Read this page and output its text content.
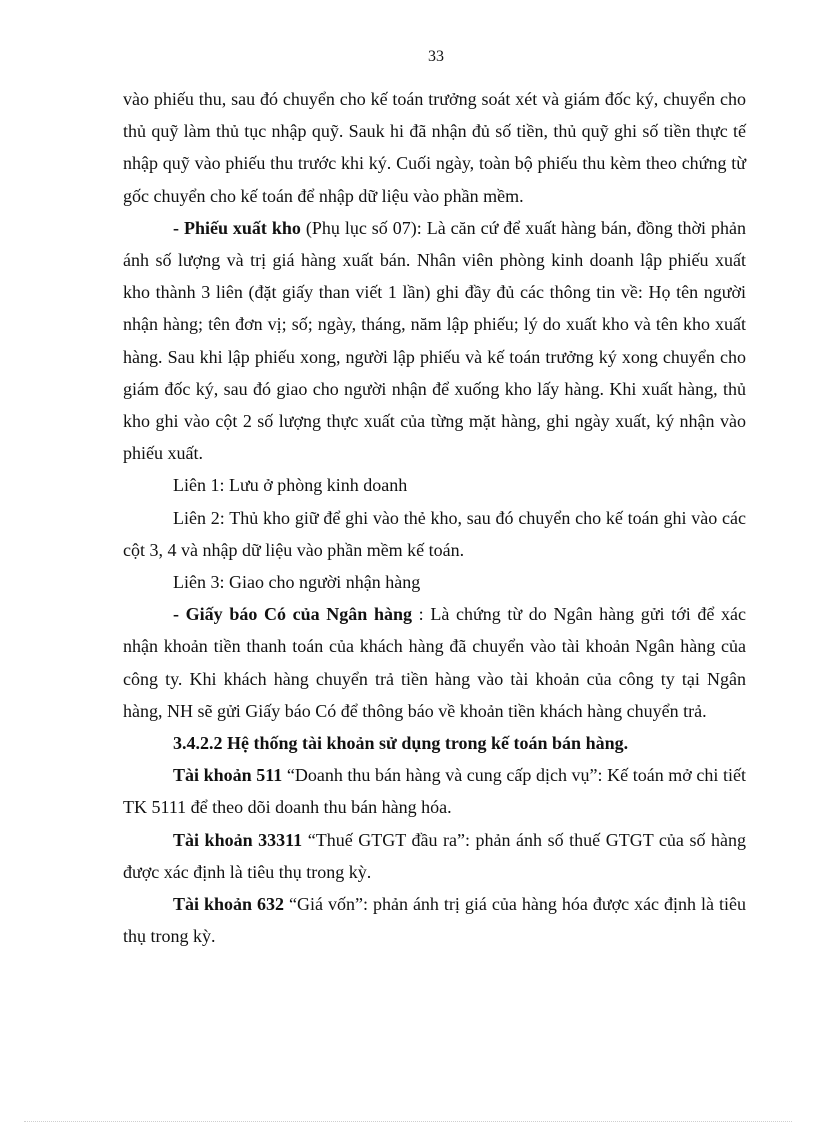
33

vào phiếu thu, sau đó chuyển cho kế toán trưởng soát xét và giám đốc ký, chuyển cho thủ quỹ làm thủ tục nhập quỹ. Sauk hi đã nhận đủ số tiền, thủ quỹ ghi số tiền thực tế nhập quỹ vào phiếu thu trước khi ký. Cuối ngày, toàn bộ phiếu thu kèm theo chứng từ gốc chuyển cho kế toán để nhập dữ liệu vào phần mềm.

- Phiếu xuất kho (Phụ lục số 07): Là căn cứ để xuất hàng bán, đồng thời phản ánh số lượng và trị giá hàng xuất bán. Nhân viên phòng kinh doanh lập phiếu xuất kho thành 3 liên (đặt giấy than viết 1 lần) ghi đầy đủ các thông tin về: Họ tên người nhận hàng; tên đơn vị; số; ngày, tháng, năm lập phiếu; lý do xuất kho và tên kho xuất hàng. Sau khi lập phiếu xong, người lập phiếu và kế toán trưởng ký xong chuyển cho giám đốc ký, sau đó giao cho người nhận để xuống kho lấy hàng. Khi xuất hàng, thủ kho ghi vào cột 2 số lượng thực xuất của từng mặt hàng, ghi ngày xuất, ký nhận vào phiếu xuất.

Liên 1: Lưu ở phòng kinh doanh

Liên 2: Thủ kho giữ để ghi vào thẻ kho, sau đó chuyển cho kế toán ghi vào các cột 3, 4 và nhập dữ liệu vào phần mềm kế toán.

Liên 3: Giao cho người nhận hàng

- Giấy báo Có của Ngân hàng : Là chứng từ do Ngân hàng gửi tới để xác nhận khoản tiền thanh toán của khách hàng đã chuyển vào tài khoản Ngân hàng của công ty. Khi khách hàng chuyển trả tiền hàng vào tài khoản của công ty tại Ngân hàng, NH sẽ gửi Giấy báo Có để thông báo về khoản tiền khách hàng chuyển trả.

3.4.2.2 Hệ thống tài khoản sử dụng trong kế toán bán hàng.

Tài khoản 511 “Doanh thu bán hàng và cung cấp dịch vụ”: Kế toán mở chi tiết TK 5111 để theo dõi doanh thu bán hàng hóa.

Tài khoản 33311 “Thuế GTGT đầu ra”: phản ánh số thuế GTGT của số hàng được xác định là tiêu thụ trong kỳ.

Tài khoản 632 “Giá vốn”: phản ánh trị giá của hàng hóa được xác định là tiêu thụ trong kỳ.
